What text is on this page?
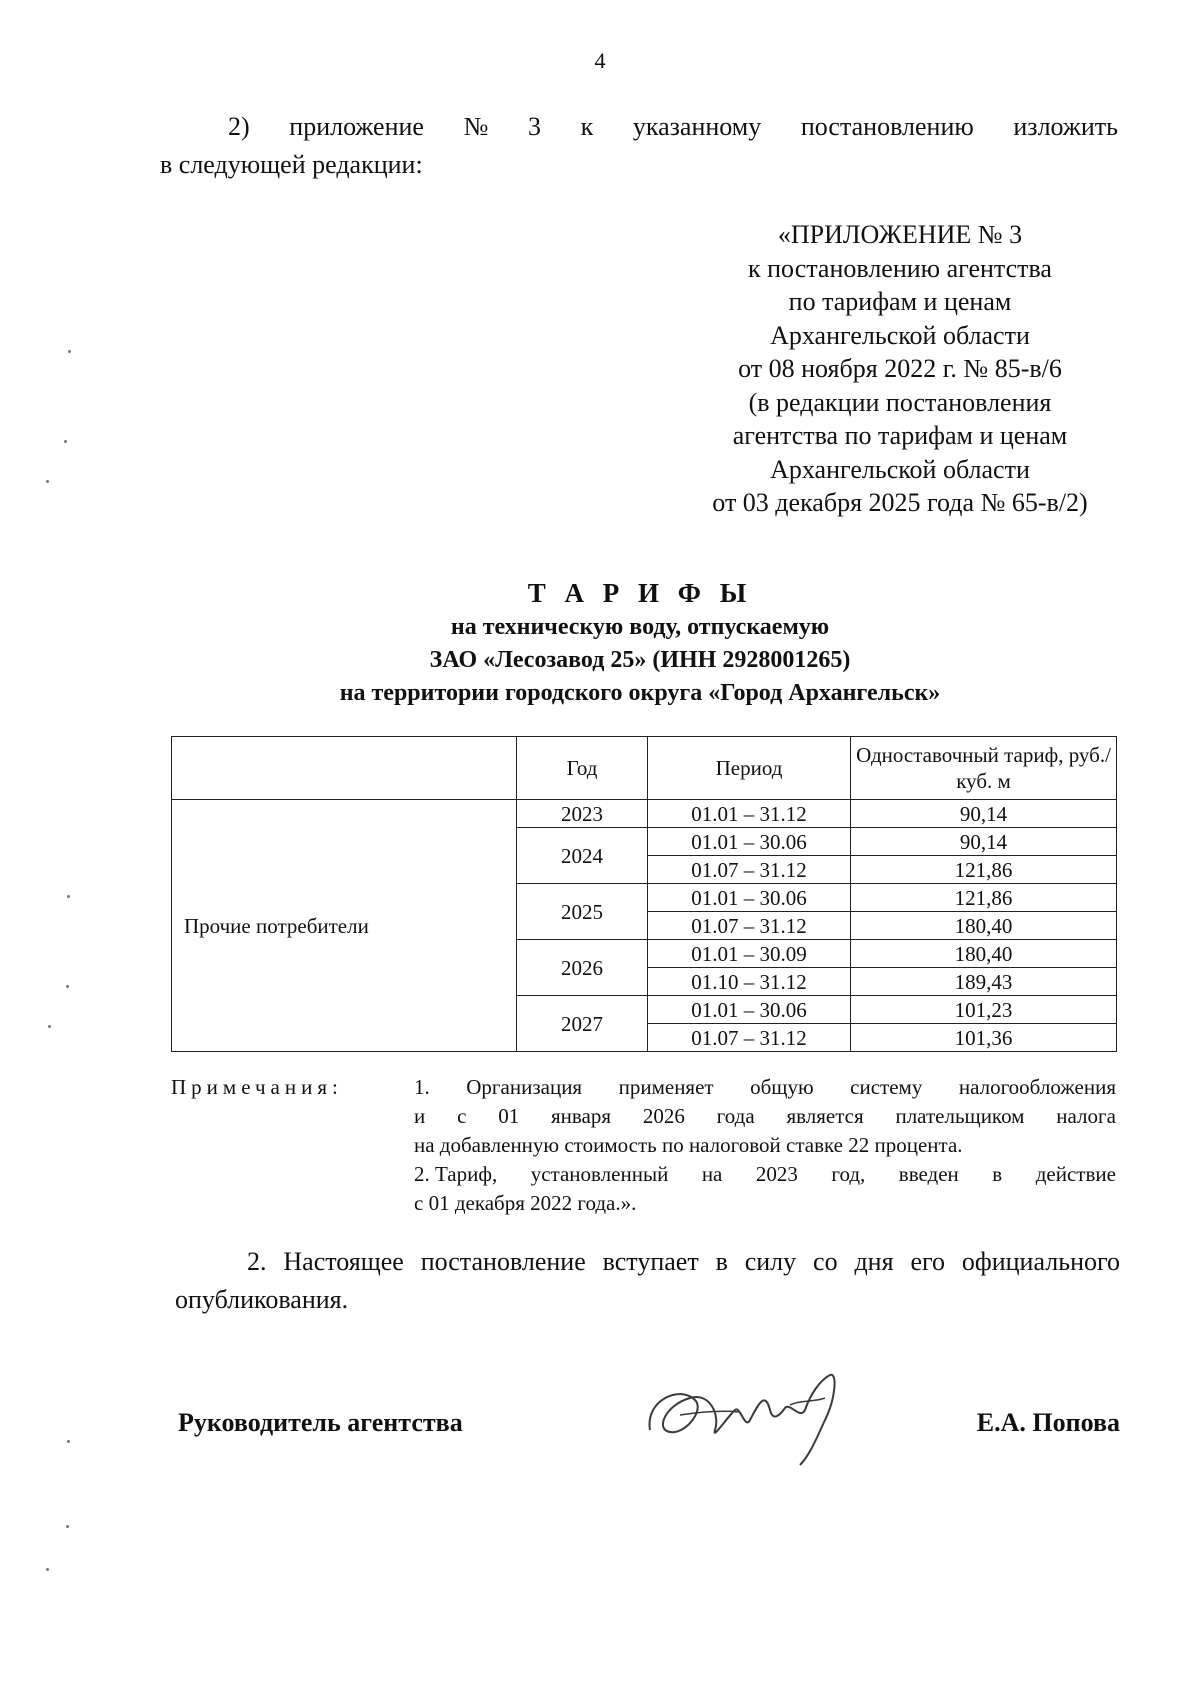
4
2) приложение № 3 к указанному постановлению изложить
в следующей редакции:
«ПРИЛОЖЕНИЕ № 3
к постановлению агентства
по тарифам и ценам
Архангельской области
от 08 ноября 2022 г. № 85-в/6
(в редакции постановления
агентства по тарифам и ценам
Архангельской области
от 03 декабря 2025 года № 65-в/2)
Т А Р И Ф Ы
на техническую воду, отпускаемую
ЗАО «Лесозавод 25» (ИНН 2928001265)
на территории городского округа «Город Архангельск»
	Год	Период	Одноставочный тариф, руб./куб. м
Прочие потребители	2023	01.01 – 31.12	90,14
	2024	01.01 – 30.06	90,14
		01.07 – 31.12	121,86
	2025	01.01 – 30.06	121,86
		01.07 – 31.12	180,40
	2026	01.01 – 30.09	180,40
		01.10 – 31.12	189,43
	2027	01.01 – 30.06	101,23
		01.07 – 31.12	101,36
Примечания:	1. Организация применяет общую систему налогообложения
и с 01 января 2026 года является плательщиком налога
на добавленную стоимость по налоговой ставке 22 процента.
2. Тариф, установленный на 2023 год, введен в действие
с 01 декабря 2022 года.».
2. Настоящее постановление вступает в силу со дня его официального
опубликования.
Руководитель агентства	Е.А. Попова
